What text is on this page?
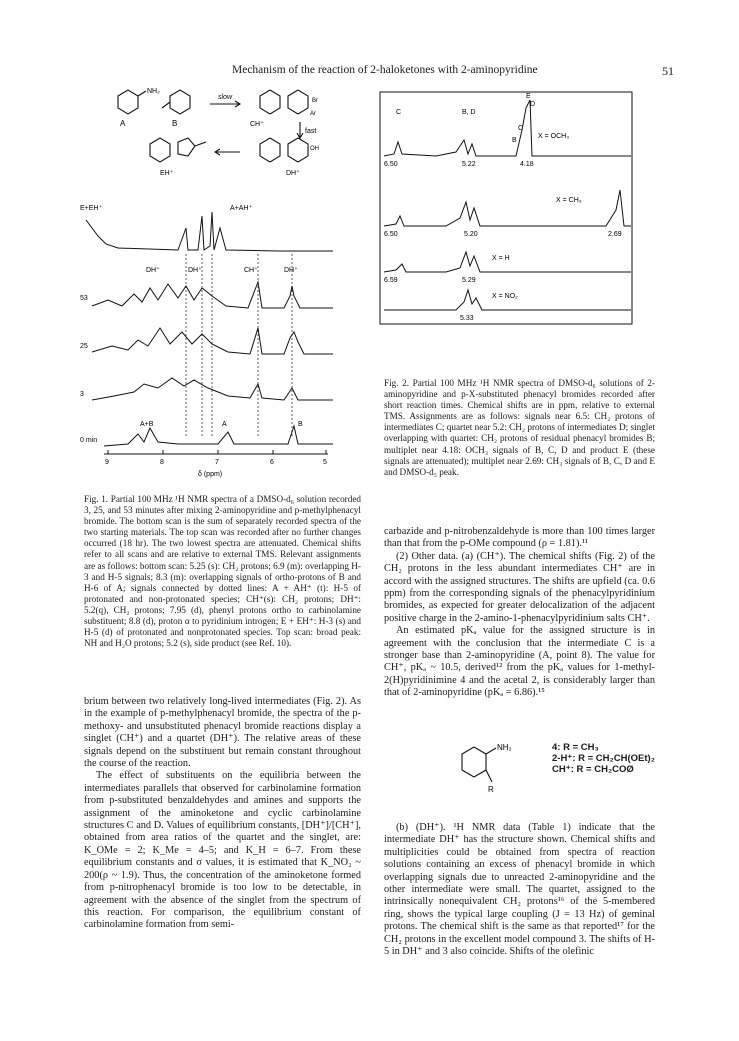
Mechanism of the reaction of 2-haloketones with 2-aminopyridine	51
NH₂
slow
fast
A	B	CH⁺
DH⁺
EH⁺
Br
Ar
OH
E+EH⁺	A+AH⁺
DH⁺	DH⁺	CH⁺	DH⁺
53
25
3
0 min
A+B	A	B
9	8	7	6	5
δ (ppm)
Fig. 1. Partial 100 MHz ¹H NMR spectra of a DMSO-d₆ solution recorded 3, 25, and 53 minutes after mixing 2-aminopyridine and p-methylphenacyl bromide. The bottom scan is the sum of separately recorded spectra of the two starting materials. The top scan was recorded after no further changes occurred (18 hr). The two lowest spectra are attenuated. Chemical shifts refer to all scans and are relative to external TMS. Relevant assignments are as follows: bottom scan: 5.25 (s): CH₂ protons; 6.9 (m): overlapping H-3 and H-5 signals; 8.3 (m): overlapping signals of ortho-protons of B and H-6 of A; signals connected by dotted lines: A + AH⁺ (t): H-5 of protonated and non-protonated species; CH⁺(s): CH₂ protons; DH⁺: 5.2(q), CH₂ protons; 7.95 (d), phenyl protons ortho to carbinolamine substituent; 8.8 (d), proton α to pyridinium introgen; E + EH⁺: H-3 (s) and H-5 (d) of protonated and nonprotonated species. Top scan: broad peak: NH and H₂O protons; 5.2 (s), side product (see Ref. 10).
C	B, D
D
C
B
E
X = OCH₃
6.50	5.22	4.18
X = CH₃
6.50	5.20	2.69
X = H
6.59	5.29
X = NO₂
5.33
Fig. 2. Partial 100 MHz ¹H NMR spectra of DMSO-d₆ solutions of 2-aminopyridine and p-X-substituted phenacyl bromides recorded after short reaction times. Chemical shifts are in ppm, relative to external TMS. Assignments are as follows: signals near 6.5: CH₂ protons of intermediates C; quartet near 5.2: CH₂ protons of intermediates D; singlet overlapping with quartet: CH₂ protons of residual phenacyl bromides B; multiplet near 4.18: OCH₃ signals of B, C, D and product E (these signals are attenuated); multiplet near 2.69: CH₃ signals of B, C, D and E and DMSO-d₅ peak.

brium between two relatively long-lived intermediates (Fig. 2). As in the example of p-methylphenacyl bromide, the spectra of the p-methoxy- and unsubstituted phenacyl bromide reactions display a singlet (CH⁺) and a quartet (DH⁺). The relative areas of these signals depend on the substituent but remain constant throughout the course of the reaction.

The effect of substituents on the equilibria between the intermediates parallels that observed for carbinolamine formation from p-substituted benzaldehydes and amines and supports the assignment of the aminoketone and cyclic carbinolamine structures C and D. Values of equilibrium constants, [DH⁺]/[CH⁺], obtained from area ratios of the quartet and the singlet, are: K_OMe = 2; K_Me = 4–5; and K_H = 6–7. From these equilibrium constants and σ values, it is estimated that K_NO₂ ~ 200(ρ ~ 1.9). Thus, the concentration of the aminoketone formed from p-nitrophenacyl bromide is too low to be detectable, in agreement with the absence of the singlet from the spectrum of this reaction. For comparison, the equilibrium constant of carbinolamine formation from semi-

carbazide and p-nitrobenzaldehyde is more than 100 times larger than that from the p-OMe compound (ρ = 1.81).¹¹

(2) Other data. (a) (CH⁺). The chemical shifts (Fig. 2) of the CH₂ protons in the less abundant intermediates CH⁺ are in accord with the assigned structures. The shifts are upfield (ca. 0.6 ppm) from the corresponding signals of the phenacylpyridinium bromides, as expected for greater delocalization of the adjacent positive charge in the 2-amino-1-phenacylpyridinium salts CH⁺.

An estimated pKₐ value for the assigned structure is in agreement with the conclusion that the intermediate C is a stronger base than 2-aminopyridine (A, point 8). The value for CH⁺, pKₐ ~ 10.5, derived¹² from the pKₐ values for 1-methyl-2(H)pyridinimine 4 and the acetal 2, is considerably larger than that of 2-aminopyridine (pKₐ = 6.86).¹⁵

NH₂
R
4: R = CH₃
2-H⁺: R = CH₂CH(OEt)₂
CH⁺: R = CH₂COØ

(b) (DH⁺). ¹H NMR data (Table 1) indicate that the intermediate DH⁺ has the structure shown. Chemical shifts and multiplicities could be obtained from spectra of reaction solutions containing an excess of phenacyl bromide in which overlapping signals due to unreacted 2-aminopyridine and the other intermediate were small. The quartet, assigned to the intrinsically nonequivalent CH₂ protons¹⁶ of the 5-membered ring, shows the typical large coupling (J = 13 Hz) of geminal protons. The chemical shift is the same as that reported¹⁷ for the CH₂ protons in the excellent model compound 3. The shifts of H-5 in DH⁺ and 3 also coincide. Shifts of the olefinic
